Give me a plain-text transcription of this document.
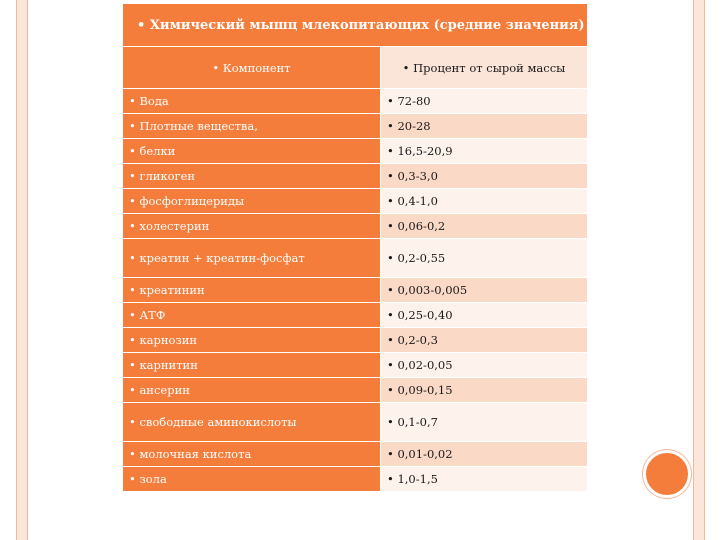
• Химический мышц млекопитающих (средние значения)
• Компонент	• Процент от сырой массы
• Вода	• 72-80
• Плотные вещества,	• 20-28
• белки	• 16,5-20,9
• гликоген	• 0,3-3,0
• фосфоглицериды	• 0,4-1,0
• холестерин	• 0,06-0,2
• креатин + креатин-фосфат	• 0,2-0,55
• креатинин	• 0,003-0,005
• АТФ	• 0,25-0,40
• карнозин	• 0,2-0,3
• карнитин	• 0,02-0,05
• ансерин	• 0,09-0,15
• свободные аминокислоты	• 0,1-0,7
• молочная кислота	• 0,01-0,02
• зола	• 1,0-1,5
